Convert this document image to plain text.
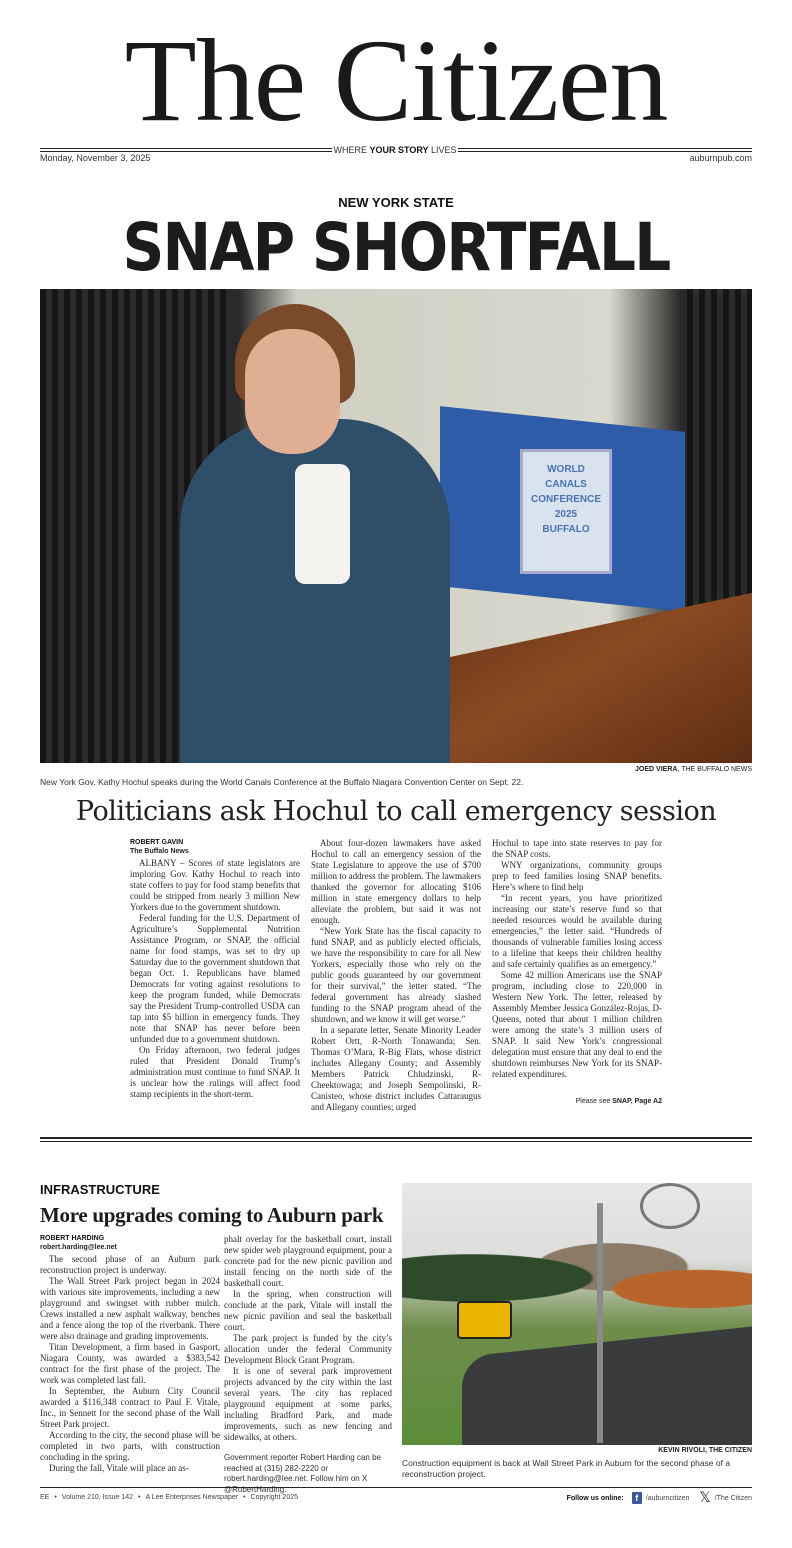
The Citizen
WHERE YOUR STORY LIVES
Monday, November 3, 2025	auburnpub.com
NEW YORK STATE
SNAP SHORTFALL
WORLD CANALS CONFERENCE 2025 BUFFALO
JOED VIERA, THE BUFFALO NEWS
New York Gov. Kathy Hochul speaks during the World Canals Conference at the Buffalo Niagara Convention Center on Sept. 22.
Politicians ask Hochul to call emergency session
ROBERT GAVIN
The Buffalo News

ALBANY – Scores of state legislators are imploring Gov. Kathy Hochul to reach into state coffers to pay for food stamp benefits that could be stripped from nearly 3 million New Yorkers due to the government shutdown.

Federal funding for the U.S. Department of Agriculture’s Supplemental Nutrition Assistance Program, or SNAP, the official name for food stamps, was set to dry up Saturday due to the government shutdown that began Oct. 1. Republicans have blamed Democrats for voting against resolutions to keep the program funded, while Democrats say the President Trump-controlled USDA can tap into $5 billion in emergency funds. They note that SNAP has never before been unfunded due to a government shutdown.

On Friday afternoon, two federal judges ruled that President Donald Trump’s administration must continue to fund SNAP. It is unclear how the rulings will affect food stamp recipients in the short-term.

About four-dozen lawmakers have asked Hochul to call an emergency session of the State Legislature to approve the use of $700 million to address the problem. The lawmakers thanked the governor for allocating $106 million in state emergency dollars to help alleviate the problem, but said it was not enough.

“New York State has the fiscal capacity to fund SNAP, and as publicly elected officials, we have the responsibility to care for all New Yorkers, especially those who rely on the public goods guaranteed by our government for their survival,” the letter stated. “The federal government has already slashed funding to the SNAP program ahead of the shutdown, and we know it will get worse.”

In a separate letter, Senate Minority Leader Robert Ortt, R-North Tonawanda; Sen. Thomas O’Mara, R-Big Flats, whose district includes Allegany County; and Assembly Members Patrick Chludzinski, R-Cheektowaga; and Joseph Sempolinski, R-Canisteo, whose district includes Cattaraugus and Allegany counties; urged

Hochul to tape into state reserves to pay for the SNAP costs.

WNY organizations, community groups prep to feed families losing SNAP benefits. Here’s where to find help

“In recent years, you have prioritized increasing our state’s reserve fund so that needed resources would be available during emergencies,” the letter said. “Hundreds of thousands of vulnerable families losing access to a lifeline that keeps their children healthy and safe certainly qualifies as an emergency.”

Some 42 million Americans use the SNAP program, including close to 220,000 in Western New York. The letter, released by Assembly Member Jessica González-Rojas, D-Queens, noted that about 1 million children were among the state’s 3 million users of SNAP. It said New York’s congressional delegation must ensure that any deal to end the shutdown reimburses New York for its SNAP-related expenditures.

Please see SNAP, Page A2
INFRASTRUCTURE
More upgrades coming to Auburn park
ROBERT HARDING
robert.harding@lee.net

The second phase of an Auburn park reconstruction project is underway.

The Wall Street Park project began in 2024 with various site improvements, including a new playground and swingset with rubber mulch. Crews installed a new asphalt walkway, benches and a fence along the top of the riverbank. There were also drainage and grading improvements.

Titan Development, a firm based in Gasport, Niagara County, was awarded a $383,542 contract for the first phase of the project. The work was completed last fall.

In September, the Auburn City Council awarded a $116,348 contract to Paul F. Vitale, Inc., in Sennett for the second phase of the Wall Street Park project.

According to the city, the second phase will be completed in two parts, with construction concluding in the spring.

During the fall, Vitale will place an as-

phalt overlay for the basketball court, install new spider web playground equipment, pour a concrete pad for the new picnic pavilion and install fencing on the north side of the basketball court.

In the spring, when construction will conclude at the park, Vitale will install the new picnic pavilion and seal the basketball court.

The park project is funded by the city’s allocation under the federal Community Development Block Grant Program.

It is one of several park improvement projects advanced by the city within the last several years. The city has replaced playground equipment at some parks, including Bradford Park, and made improvements, such as new fencing and sidewalks, at others.

Government reporter Robert Harding can be reached at (315) 282-2220 or robert.harding@lee.net. Follow him on X @RobertHarding.
KEVIN RIVOLI, THE CITIZEN
Construction equipment is back at Wall Street Park in Auburn for the second phase of a reconstruction project.
EE • Volume 210, Issue 142 • A Lee Enterprises Newspaper • Copyright 2025	Follow us online:	f	/auburncitizen 𝕏 /The Citizen
